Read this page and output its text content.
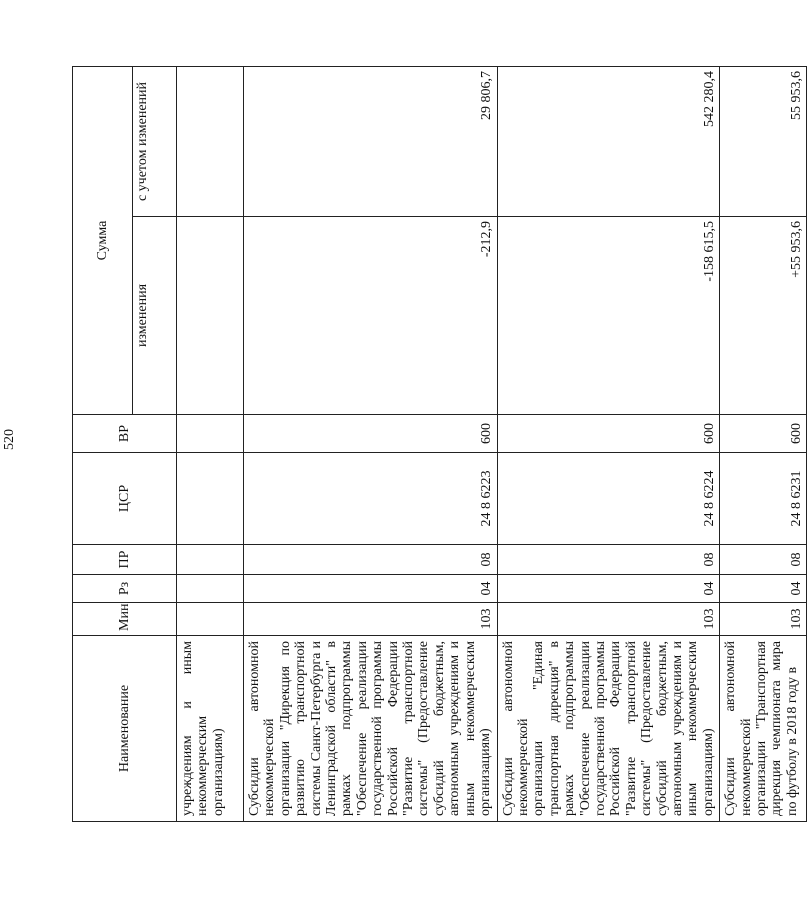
520
Наименование	Мин	Рз	ПР	ЦСР	ВР	Сумма	
						изменения	с учетом изменений
учреждениям и иным некоммерческим организациям)							
Субсидии автономной некоммерческой организации "Дирекция по развитию транспортной системы Санкт-Петербурга и Ленинградской области" в рамках подпрограммы "Обеспечение реализации государственной программы Российской Федерации "Развитие транспортной системы" (Предоставление субсидий бюджетным, автономным учреждениям и иным некоммерческим организациям)	103	04	08	24 8 6223	600	-212,9	29 806,7
Субсидии автономной некоммерческой организации "Единая транспортная дирекция" в рамках подпрограммы "Обеспечение реализации государственной программы Российской Федерации "Развитие транспортной системы" (Предоставление субсидий бюджетным, автономным учреждениям и иным некоммерческим организациям)	103	04	08	24 8 6224	600	-158 615,5	542 280,4
Субсидии автономной некоммерческой организации "Транспортная дирекция чемпионата мира по футболу в 2018 году в	103	04	08	24 8 6231	600	+55 953,6	55 953,6
